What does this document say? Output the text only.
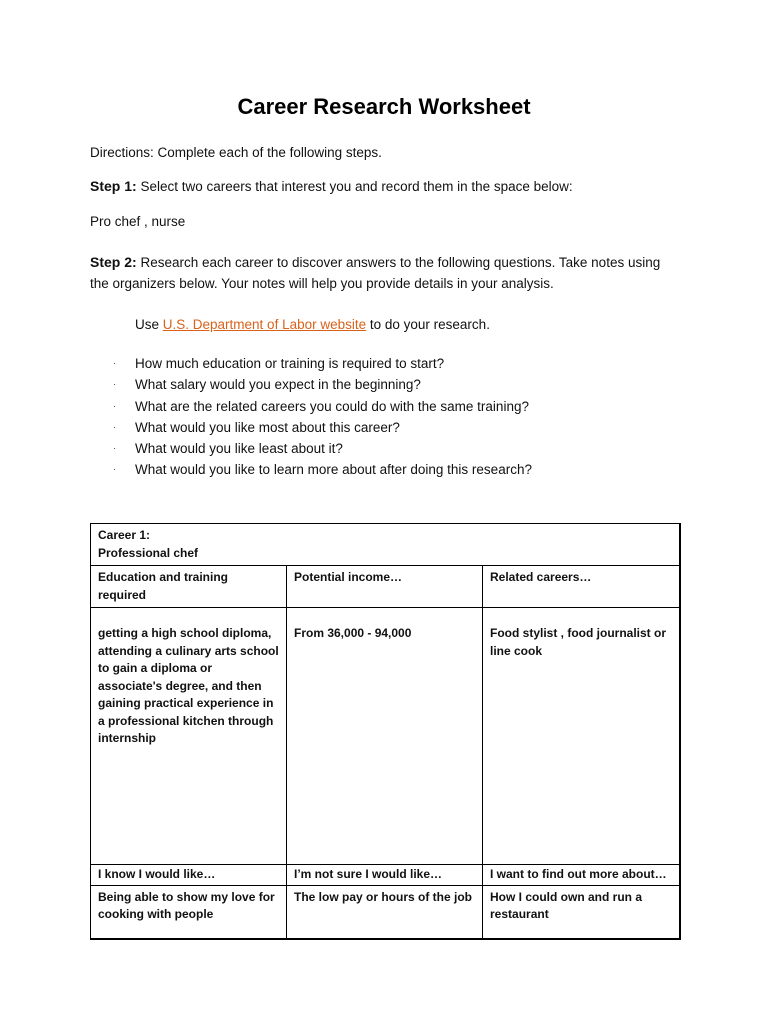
Career Research Worksheet

Directions: Complete each of the following steps.

Step 1: Select two careers that interest you and record them in the space below:

Pro chef , nurse

Step 2: Research each career to discover answers to the following questions. Take notes using the organizers below. Your notes will help you provide details in your analysis.

Use U.S. Department of Labor website to do your research.

· How much education or training is required to start?
· What salary would you expect in the beginning?
· What are the related careers you could do with the same training?
· What would you like most about this career?
· What would you like least about it?
· What would you like to learn more about after doing this research?
Career 1:
Professional chef		

Education and training required	Potential income…	Related careers…
getting a high school diploma, attending a culinary arts school to gain a diploma or associate's degree, and then gaining practical experience in a professional kitchen through internship	From 36,000 - 94,000	Food stylist , food journalist or line cook
I know I would like…	I’m not sure I would like…	I want to find out more about…
Being able to show my love for cooking with people	The low pay or hours of the job	How I could own and run a restaurant
